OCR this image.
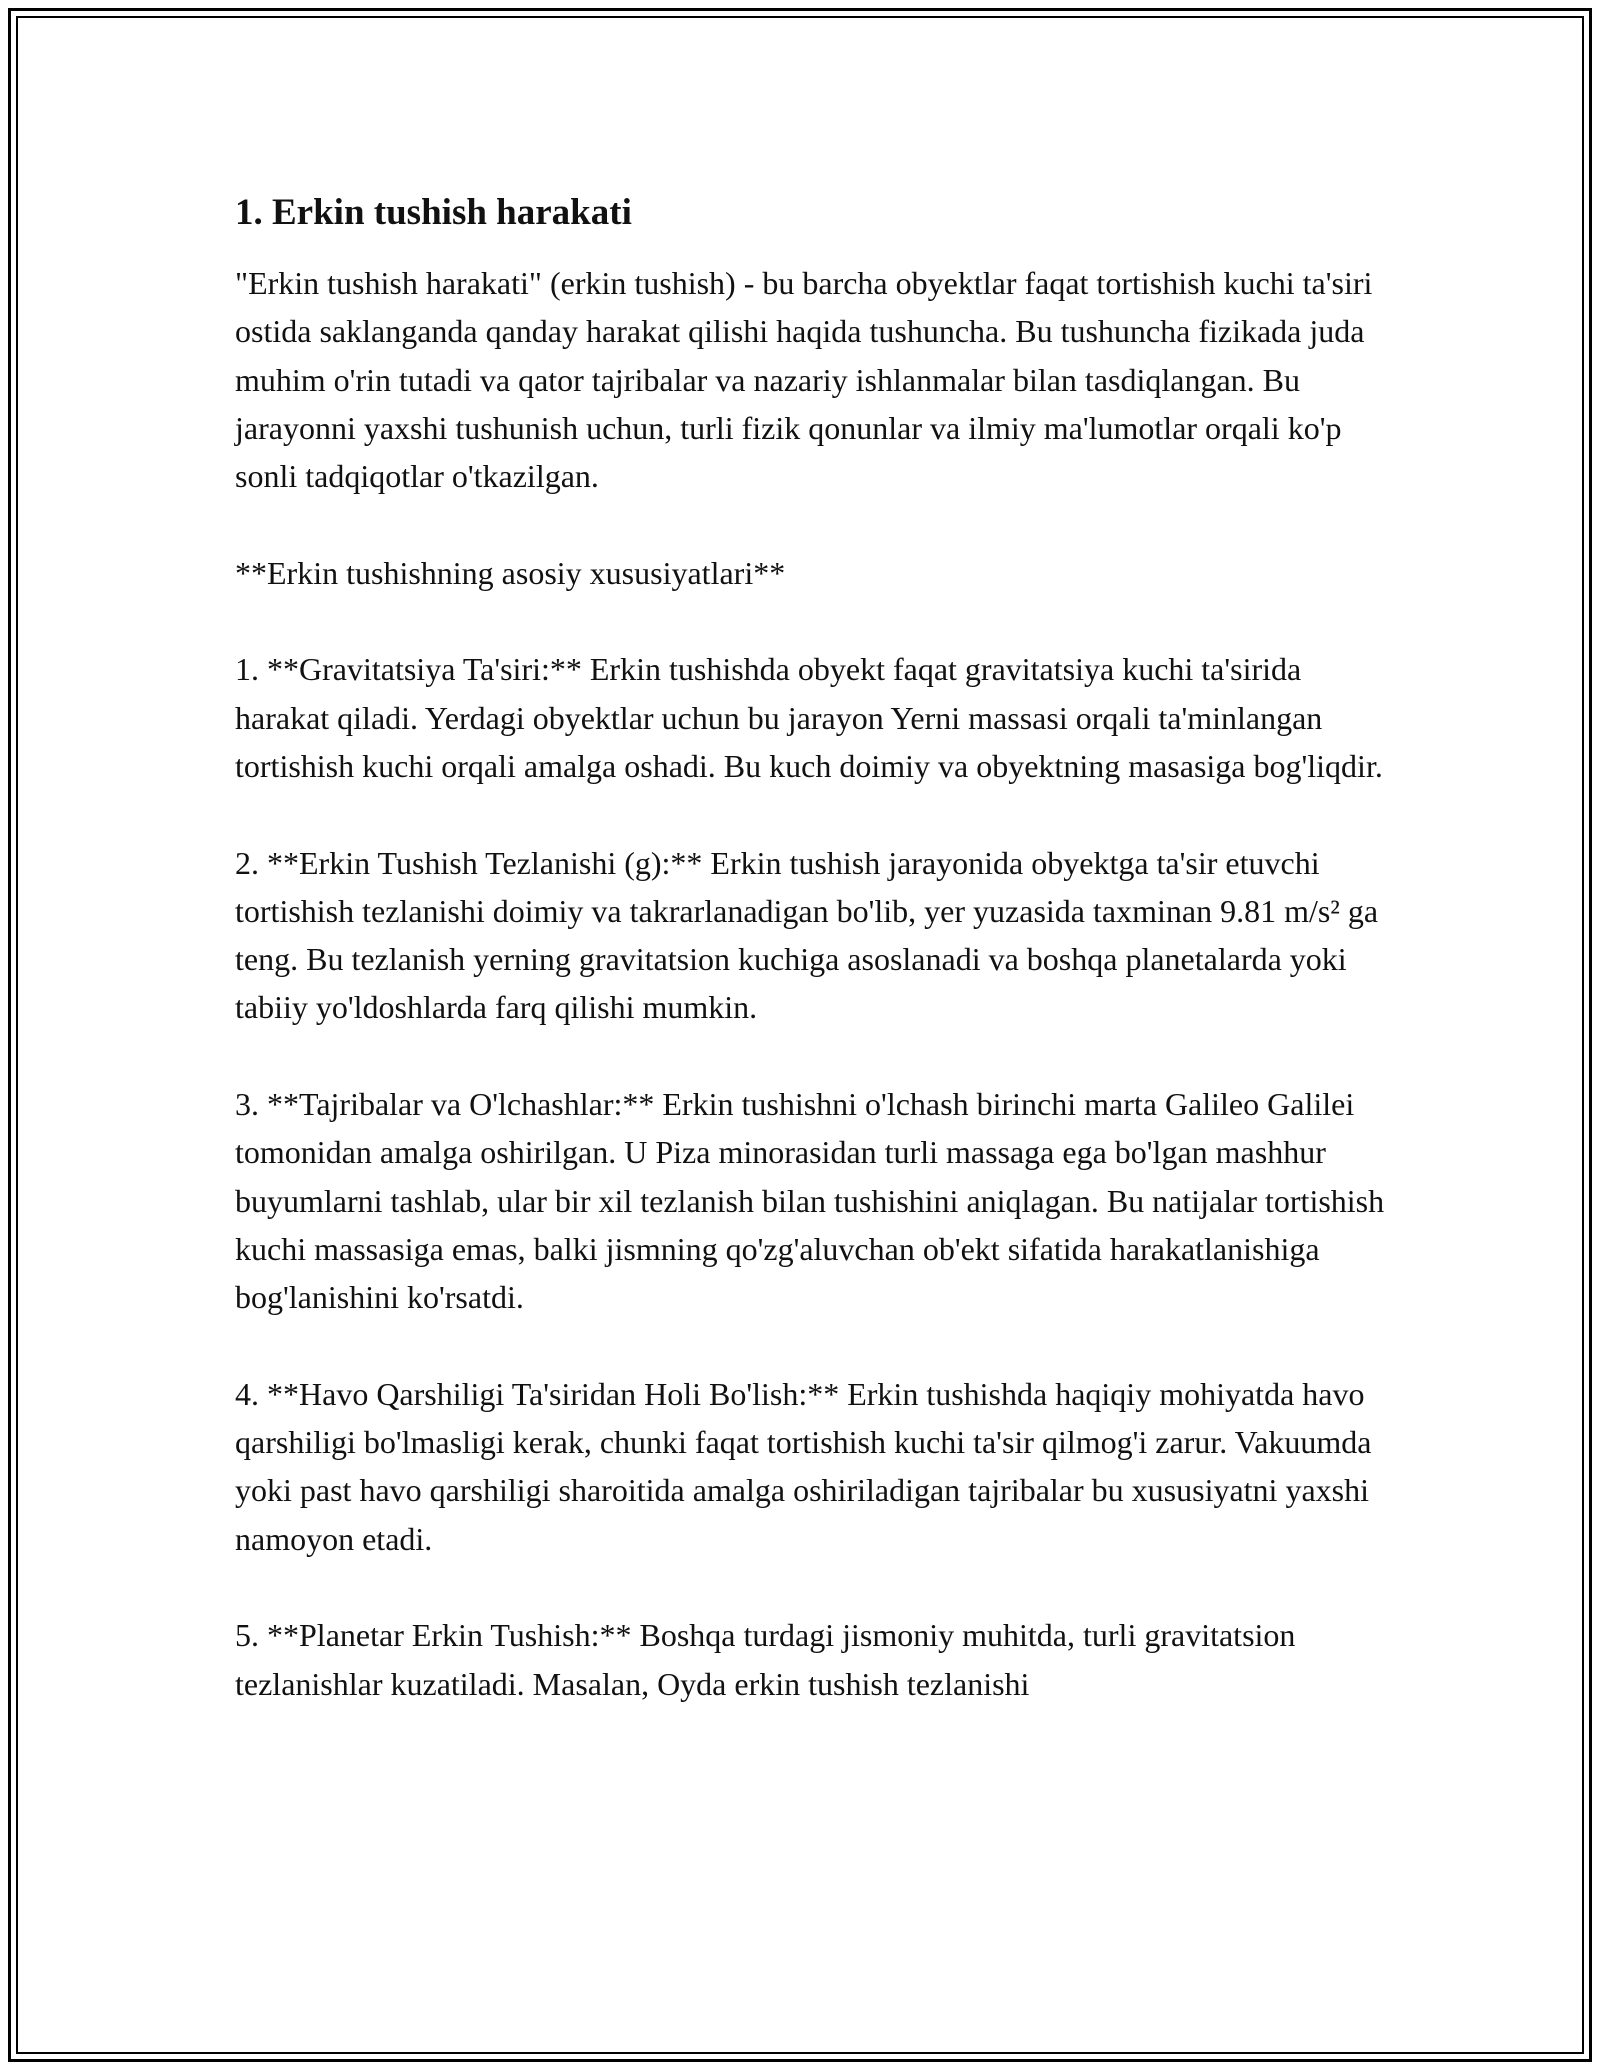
1. Erkin tushish harakati

"Erkin tushish harakati" (erkin tushish) - bu barcha obyektlar faqat tortishish kuchi ta'siri ostida saklanganda qanday harakat qilishi haqida tushuncha. Bu tushuncha fizikada juda muhim o'rin tutadi va qator tajribalar va nazariy ishlanmalar bilan tasdiqlangan. Bu jarayonni yaxshi tushunish uchun, turli fizik qonunlar va ilmiy ma'lumotlar orqali ko'p sonli tadqiqotlar o'tkazilgan.

**Erkin tushishning asosiy xususiyatlari**

1. **Gravitatsiya Ta'siri:** Erkin tushishda obyekt faqat gravitatsiya kuchi ta'sirida harakat qiladi. Yerdagi obyektlar uchun bu jarayon Yerni massasi orqali ta'minlangan tortishish kuchi orqali amalga oshadi. Bu kuch doimiy va obyektning masasiga bog'liqdir.

2. **Erkin Tushish Tezlanishi (g):** Erkin tushish jarayonida obyektga ta'sir etuvchi tortishish tezlanishi doimiy va takrarlanadigan bo'lib, yer yuzasida taxminan 9.81 m/s² ga teng. Bu tezlanish yerning gravitatsion kuchiga asoslanadi va boshqa planetalarda yoki tabiiy yo'ldoshlarda farq qilishi mumkin.

3. **Tajribalar va O'lchashlar:** Erkin tushishni o'lchash birinchi marta Galileo Galilei tomonidan amalga oshirilgan. U Piza minorasidan turli massaga ega bo'lgan mashhur buyumlarni tashlab, ular bir xil tezlanish bilan tushishini aniqlagan. Bu natijalar tortishish kuchi massasiga emas, balki jismning qo'zg'aluvchan ob'ekt sifatida harakatlanishiga bog'lanishini ko'rsatdi.

4. **Havo Qarshiligi Ta'siridan Holi Bo'lish:** Erkin tushishda haqiqiy mohiyatda havo qarshiligi bo'lmasligi kerak, chunki faqat tortishish kuchi ta'sir qilmog'i zarur. Vakuumda yoki past havo qarshiligi sharoitida amalga oshiriladigan tajribalar bu xususiyatni yaxshi namoyon etadi.

5. **Planetar Erkin Tushish:** Boshqa turdagi jismoniy muhitda, turli gravitatsion tezlanishlar kuzatiladi. Masalan, Oyda erkin tushish tezlanishi
